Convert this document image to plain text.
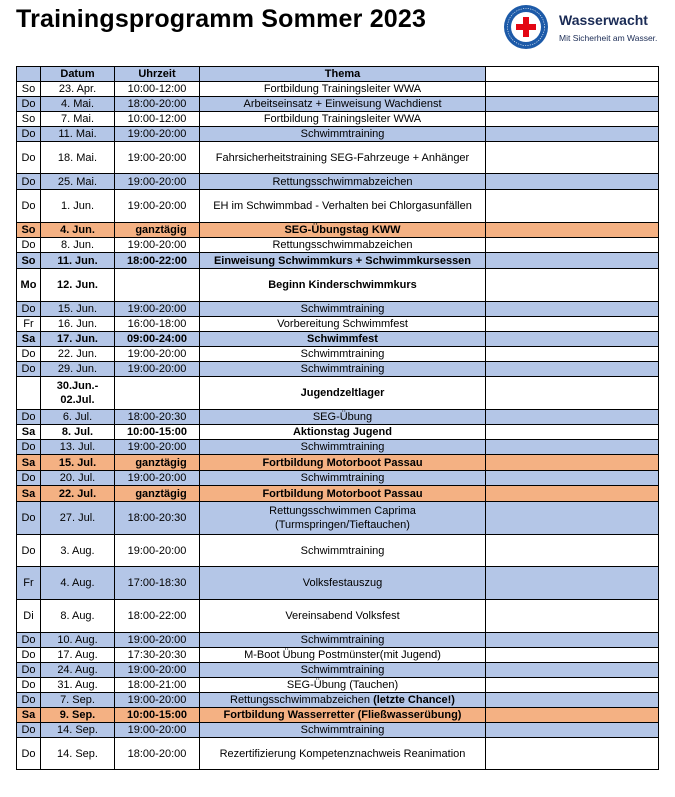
Trainingsprogramm Sommer 2023	Wasserwacht
Mit Sicherheit am Wasser.
	Datum	Uhrzeit	Thema	
So	23. Apr.	10:00-12:00	Fortbildung Trainingsleiter WWA	
Do	4. Mai.	18:00-20:00	Arbeitseinsatz + Einweisung Wachdienst	
So	7. Mai.	10:00-12:00	Fortbildung Trainingsleiter WWA	
Do	11. Mai.	19:00-20:00	Schwimmtraining	
Do	18. Mai.	19:00-20:00	Fahrsicherheitstraining SEG-Fahrzeuge + Anhänger	
Do	25. Mai.	19:00-20:00	Rettungsschwimmabzeichen	
Do	1. Jun.	19:00-20:00	EH im Schwimmbad - Verhalten bei Chlorgasunfällen	
So	4. Jun.	ganztägig	SEG-Übungstag KWW	
Do	8. Jun.	19:00-20:00	Rettungsschwimmabzeichen	
So	11. Jun.	18:00-22:00	Einweisung Schwimmkurs + Schwimmkursessen	
Mo	12. Jun.		Beginn Kinderschwimmkurs	
Do	15. Jun.	19:00-20:00	Schwimmtraining	
Fr	16. Jun.	16:00-18:00	Vorbereitung Schwimmfest	
Sa	17. Jun.	09:00-24:00	Schwimmfest	
Do	22. Jun.	19:00-20:00	Schwimmtraining	
Do	29. Jun.	19:00-20:00	Schwimmtraining	
	30.Jun.- 02.Jul.		Jugendzeltlager	
Do	6. Jul.	18:00-20:30	SEG-Übung	
Sa	8. Jul.	10:00-15:00	Aktionstag Jugend	
Do	13. Jul.	19:00-20:00	Schwimmtraining	
Sa	15. Jul.	ganztägig	Fortbildung Motorboot Passau	
Do	20. Jul.	19:00-20:00	Schwimmtraining	
Sa	22. Jul.	ganztägig	Fortbildung Motorboot Passau	
Do	27. Jul.	18:00-20:30	Rettungsschwimmen Caprima (Turmspringen/Tieftauchen)	
Do	3. Aug.	19:00-20:00	Schwimmtraining	
Fr	4. Aug.	17:00-18:30	Volksfestauszug	
Di	8. Aug.	18:00-22:00	Vereinsabend Volksfest	
Do	10. Aug.	19:00-20:00	Schwimmtraining	
Do	17. Aug.	17:30-20:30	M-Boot Übung Postmünster(mit Jugend)	
Do	24. Aug.	19:00-20:00	Schwimmtraining	
Do	31. Aug.	18:00-21:00	SEG-Übung (Tauchen)	
Do	7. Sep.	19:00-20:00	Rettungsschwimmabzeichen (letzte Chance!)	
Sa	9. Sep.	10:00-15:00	Fortbildung Wasserretter (Fließwasserübung)	
Do	14. Sep.	19:00-20:00	Schwimmtraining	
Do	14. Sep.	18:00-20:00	Rezertifizierung Kompetenznachweis Reanimation	
